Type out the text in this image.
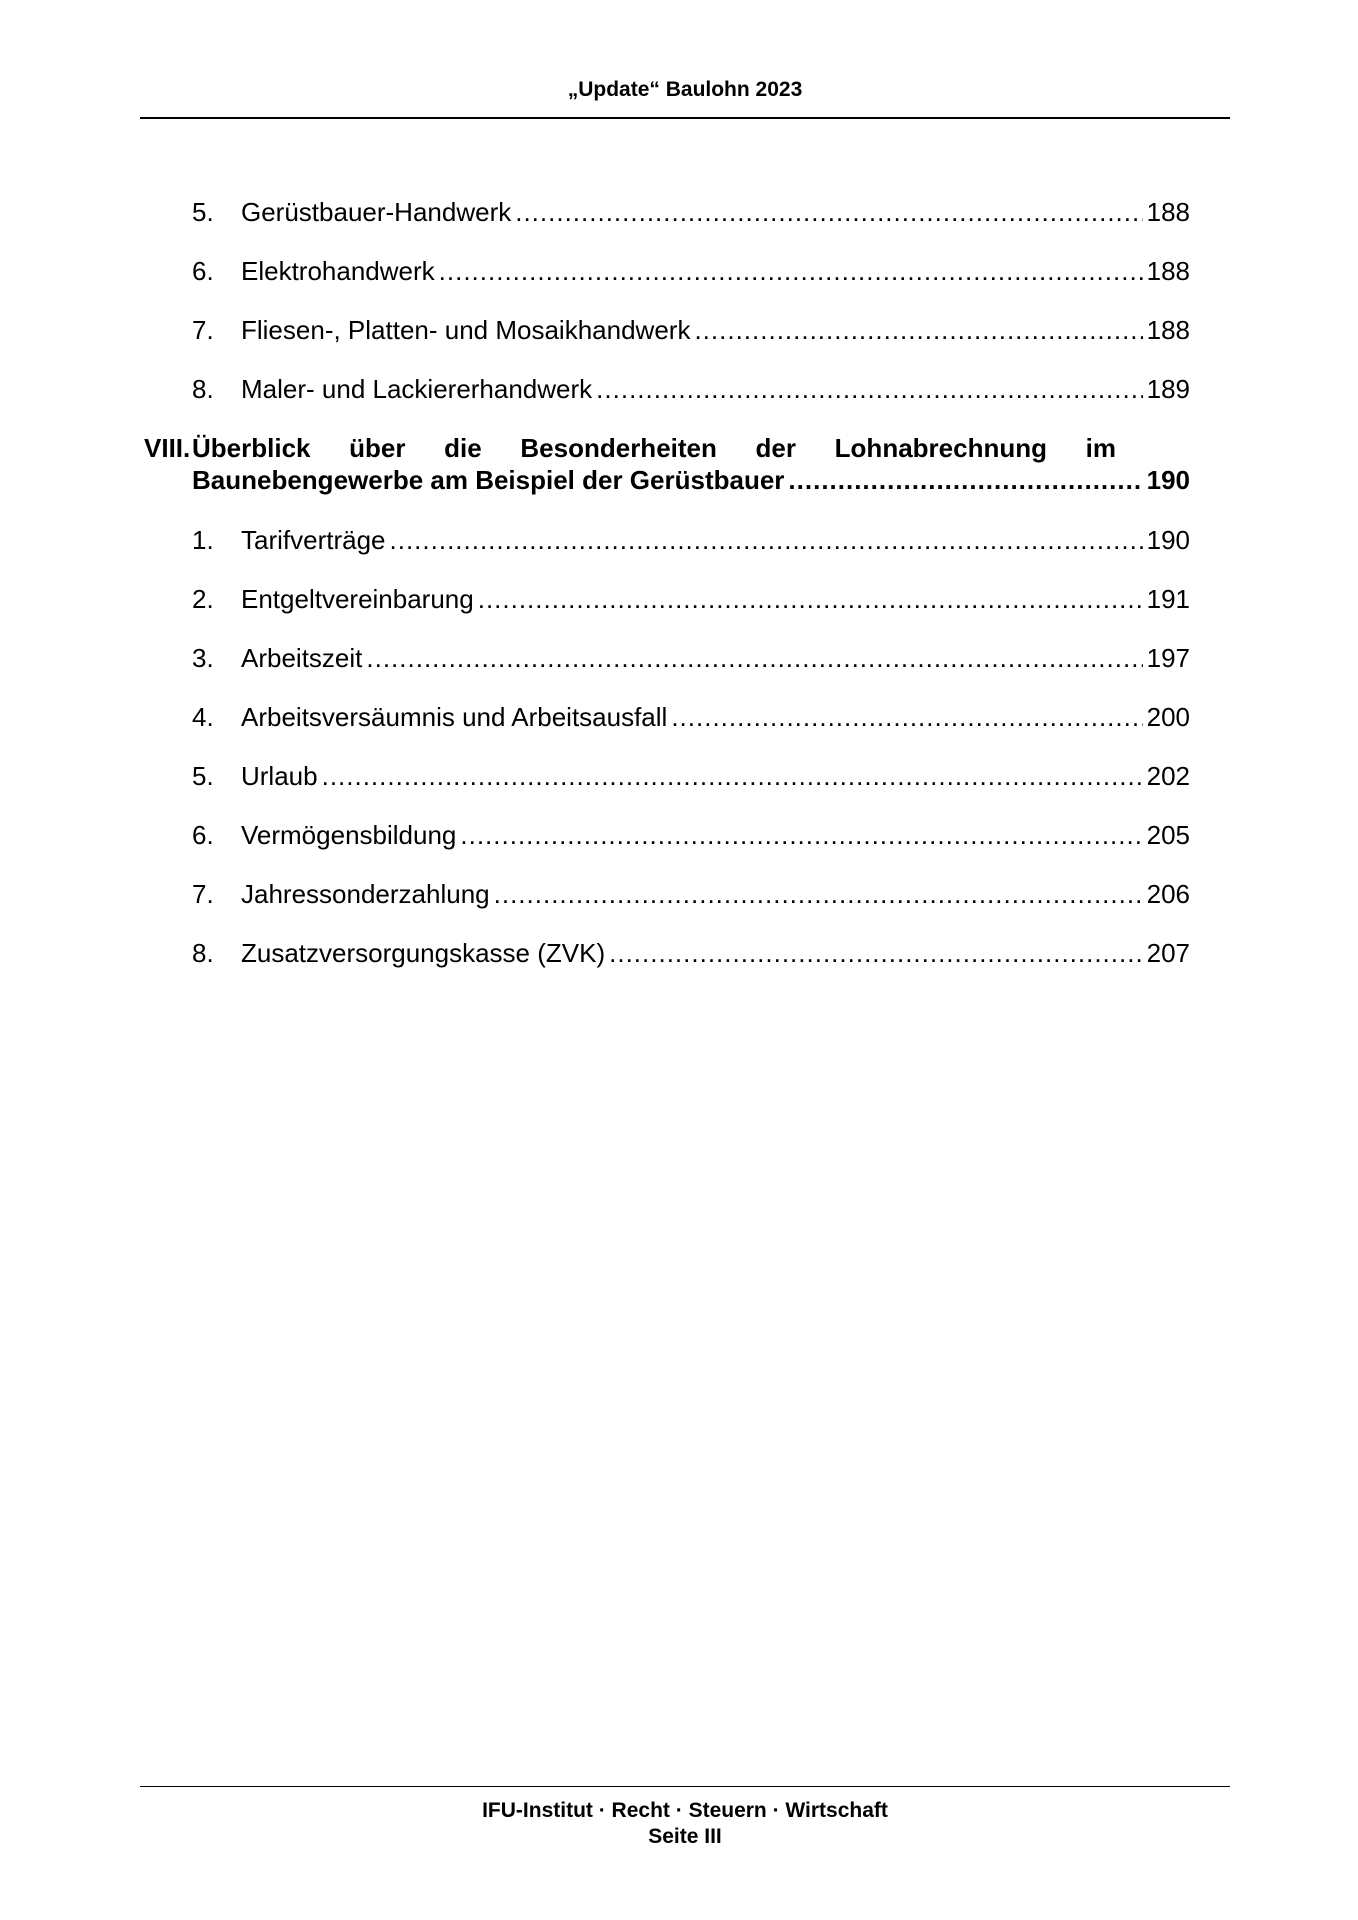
„Update“ Baulohn 2023
5. Gerüstbauer-Handwerk .....	188
6. Elektrohandwerk .....	188
7. Fliesen-, Platten- und Mosaikhandwerk .....	188
8. Maler- und Lackiererhandwerk .....	189
VIII. Überblick über die Besonderheiten der Lohnabrechnung im
Baunebengewerbe am Beispiel der Gerüstbauer .....	190
1. Tarifverträge .....	190
2. Entgeltvereinbarung .....	191
3. Arbeitszeit .....	197
4. Arbeitsversäumnis und Arbeitsausfall .....	200
5. Urlaub .....	202
6. Vermögensbildung .....	205
7. Jahressonderzahlung .....	206
8. Zusatzversorgungskasse (ZVK) .....	207
IFU-Institut · Recht · Steuern · Wirtschaft
Seite III
